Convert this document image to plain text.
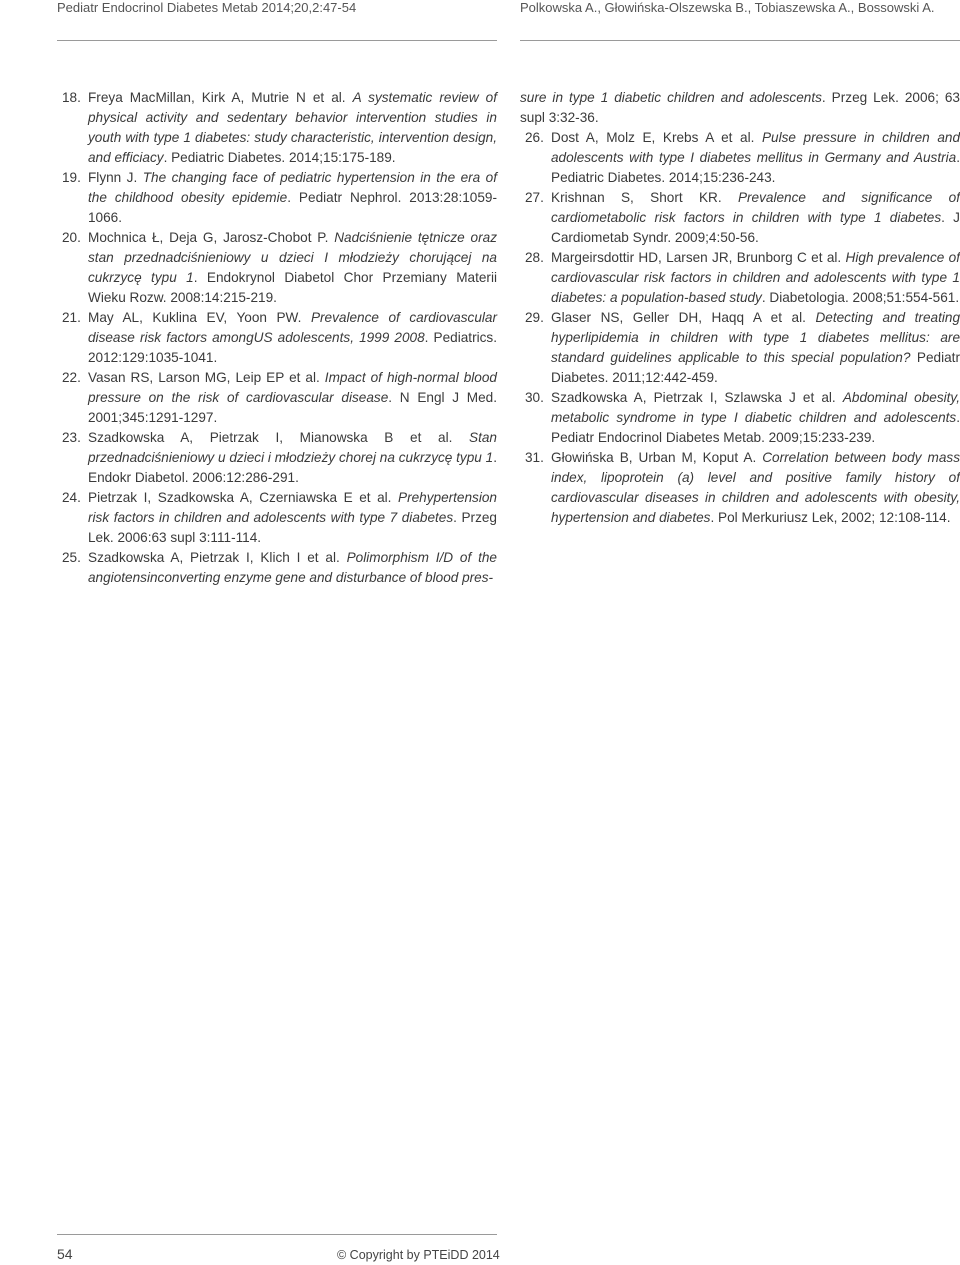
Pediatr Endocrinol Diabetes Metab 2014;20,2:47-54	Polkowska A., Głowińska-Olszewska B., Tobiaszewska A., Bossowski A.
18. Freya MacMillan, Kirk A, Mutrie N et al. A systematic review of physical activity and sedentary behavior intervention studies in youth with type 1 diabetes: study characteristic, intervention design, and efficiacy. Pediatric Diabetes. 2014;15:175-189.
19. Flynn J. The changing face of pediatric hypertension in the era of the childhood obesity epidemie. Pediatr Nephrol. 2013:28:1059-1066.
20. Mochnica Ł, Deja G, Jarosz-Chobot P. Nadciśnienie tętnicze oraz stan przednadciśnieniowy u dzieci I młodzieży chorującej na cukrzycę typu 1. Endokrynol Diabetol Chor Przemiany Materii Wieku Rozw. 2008:14:215-219.
21. May AL, Kuklina EV, Yoon PW. Prevalence of cardiovascular disease risk factors amongUS adolescents, 1999 2008. Pediatrics. 2012:129:1035-1041.
22. Vasan RS, Larson MG, Leip EP et al. Impact of high-normal blood pressure on the risk of cardiovascular disease. N Engl J Med. 2001;345:1291-1297.
23. Szadkowska A, Pietrzak I, Mianowska B et al. Stan przednadciśnieniowy u dzieci i młodzieży chorej na cukrzycę typu 1. Endokr Diabetol. 2006:12:286-291.
24. Pietrzak I, Szadkowska A, Czerniawska E et al. Prehypertension risk factors in children and adolescents with type 7 diabetes. Przeg Lek. 2006:63 supl 3:111-114.
25. Szadkowska A, Pietrzak I, Klich I et al. Polimorphism I/D of the angiotensinconverting enzyme gene and disturbance of blood pres-
sure in type 1 diabetic children and adolescents. Przeg Lek. 2006; 63 supl 3:32-36.
26. Dost A, Molz E, Krebs A et al. Pulse pressure in children and adolescents with type I diabetes mellitus in Germany and Austria. Pediatric Diabetes. 2014;15:236-243.
27. Krishnan S, Short KR. Prevalence and significance of cardiometabolic risk factors in children with type 1 diabetes. J Cardiometab Syndr. 2009;4:50-56.
28. Margeirsdottir HD, Larsen JR, Brunborg C et al. High prevalence of cardiovascular risk factors in children and adolescents with type 1 diabetes: a population-based study. Diabetologia. 2008;51:554-561.
29. Glaser NS, Geller DH, Haqq A et al. Detecting and treating hyperlipidemia in children with type 1 diabetes mellitus: are standard guidelines applicable to this special population? Pediatr Diabetes. 2011;12:442-459.
30. Szadkowska A, Pietrzak I, Szlawska J et al. Abdominal obesity, metabolic syndrome in type I diabetic children and adolescents. Pediatr Endocrinol Diabetes Metab. 2009;15:233-239.
31. Głowińska B, Urban M, Koput A. Correlation between body mass index, lipoprotein (a) level and positive family history of cardiovascular diseases in children and adolescents with obesity, hypertension and diabetes. Pol Merkuriusz Lek, 2002; 12:108-114.
54	© Copyright by PTEiDD 2014
